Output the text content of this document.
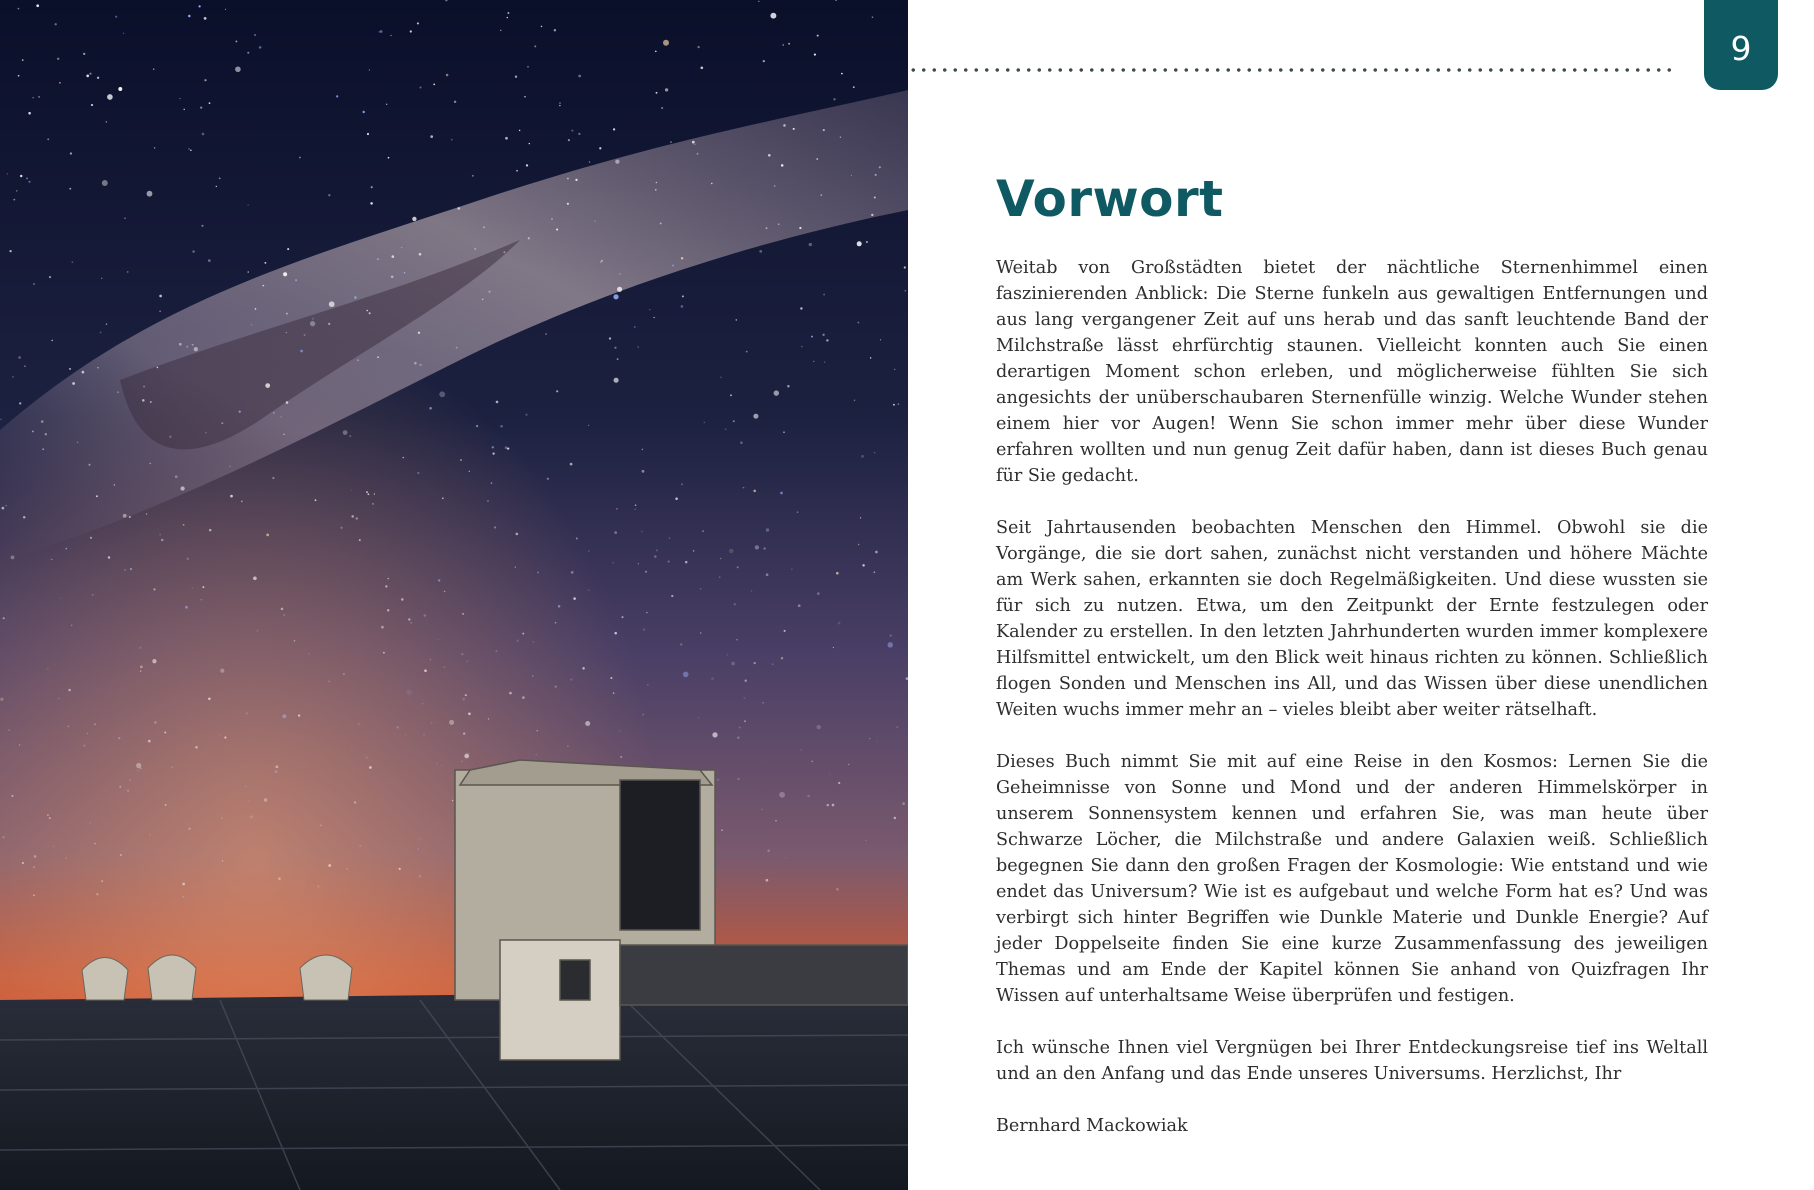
9
Vorwort

Weitab von Großstädten bietet der nächtliche Sternenhimmel einen faszinierenden Anblick: Die Sterne funkeln aus gewaltigen Entfernungen und aus lang vergangener Zeit auf uns herab und das sanft leuchtende Band der Milchstraße lässt ehrfürchtig staunen. Vielleicht konnten auch Sie einen derartigen Moment schon erleben, und möglicherweise fühlten Sie sich angesichts der unüberschaubaren Sternenfülle winzig. Welche Wunder stehen einem hier vor Augen! Wenn Sie schon immer mehr über diese Wunder erfahren wollten und nun genug Zeit dafür haben, dann ist dieses Buch genau für Sie gedacht.

Seit Jahrtausenden beobachten Menschen den Himmel. Obwohl sie die Vorgänge, die sie dort sahen, zunächst nicht verstanden und höhere Mächte am Werk sahen, erkannten sie doch Regelmäßigkeiten. Und diese wussten sie für sich zu nutzen. Etwa, um den Zeitpunkt der Ernte festzulegen oder Kalender zu erstellen. In den letzten Jahrhunderten wurden immer komplexere Hilfsmittel entwickelt, um den Blick weit hinaus richten zu können. Schließlich flogen Sonden und Menschen ins All, und das Wissen über diese unendlichen Weiten wuchs immer mehr an – vieles bleibt aber weiter rätselhaft.

Dieses Buch nimmt Sie mit auf eine Reise in den Kosmos: Lernen Sie die Geheimnisse von Sonne und Mond und der anderen Himmelskörper in unserem Sonnensystem kennen und erfahren Sie, was man heute über Schwarze Löcher, die Milchstraße und andere Galaxien weiß. Schließlich begegnen Sie dann den großen Fragen der Kosmologie: Wie entstand und wie endet das Universum? Wie ist es aufgebaut und welche Form hat es? Und was verbirgt sich hinter Begriffen wie Dunkle Materie und Dunkle Energie? Auf jeder Doppelseite finden Sie eine kurze Zusammenfassung des jeweiligen Themas und am Ende der Kapitel können Sie anhand von Quizfragen Ihr Wissen auf unterhaltsame Weise überprüfen und festigen.

Ich wünsche Ihnen viel Vergnügen bei Ihrer Entdeckungsreise tief ins Weltall und an den Anfang und das Ende unseres Universums. Herzlichst, Ihr

Bernhard Mackowiak
